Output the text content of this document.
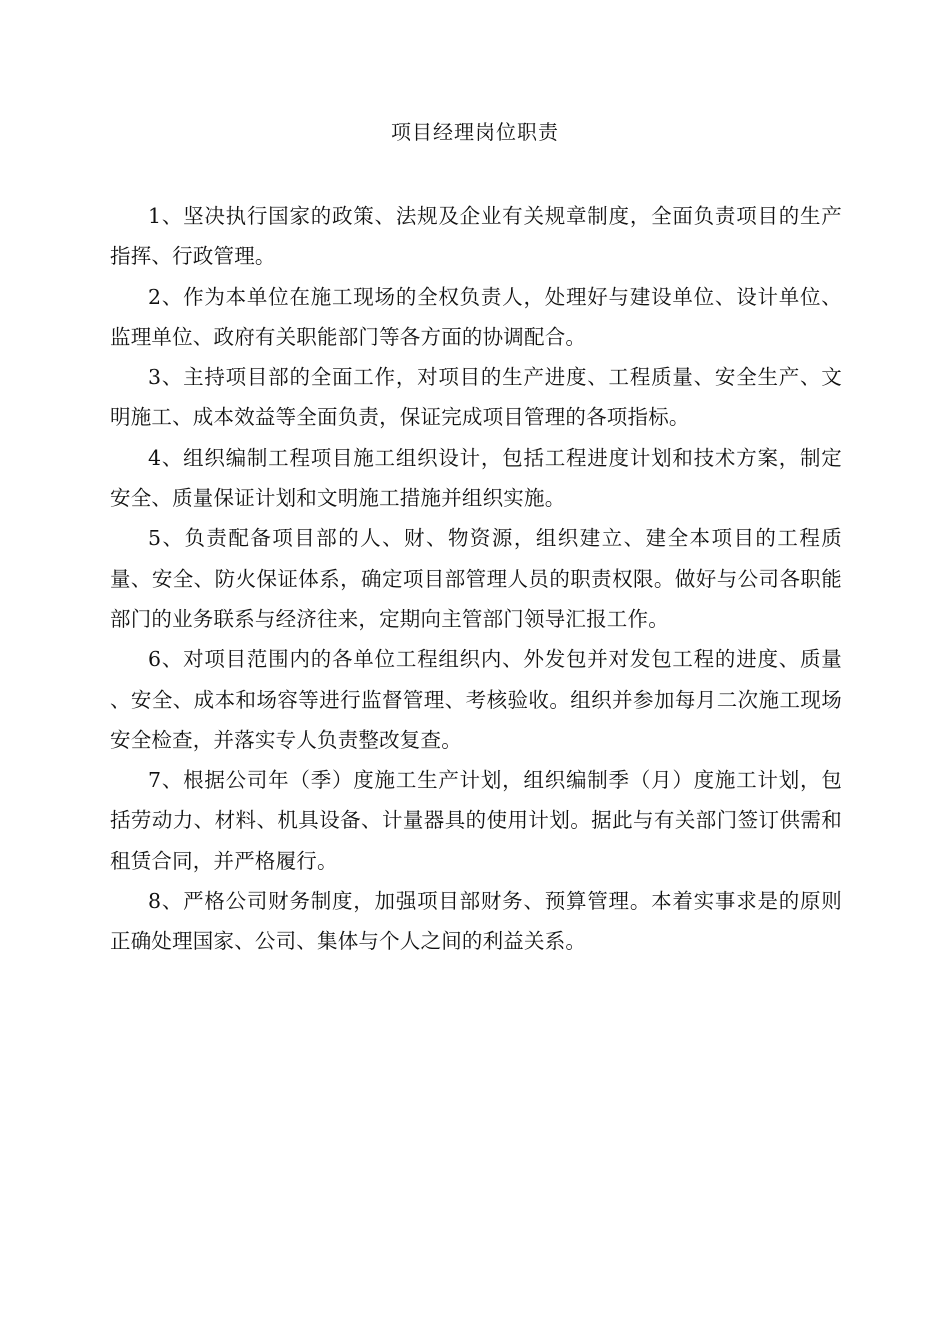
项目经理岗位职责

1、坚决执行国家的政策、法规及企业有关规章制度，全面负责项目的生产指挥、行政管理。

2、作为本单位在施工现场的全权负责人，处理好与建设单位、设计单位、监理单位、政府有关职能部门等各方面的协调配合。

3、主持项目部的全面工作，对项目的生产进度、工程质量、安全生产、文明施工、成本效益等全面负责，保证完成项目管理的各项指标。

4、组织编制工程项目施工组织设计，包括工程进度计划和技术方案，制定安全、质量保证计划和文明施工措施并组织实施。

5、负责配备项目部的人、财、物资源，组织建立、建全本项目的工程质量、安全、防火保证体系，确定项目部管理人员的职责权限。做好与公司各职能部门的业务联系与经济往来，定期向主管部门领导汇报工作。

6、对项目范围内的各单位工程组织内、外发包并对发包工程的进度、质量 、安全、成本和场容等进行监督管理、考核验收。组织并参加每月二次施工现场安全检查，并落实专人负责整改复查。

7、根据公司年（季）度施工生产计划，组织编制季（月）度施工计划，包括劳动力、材料、机具设备、计量器具的使用计划。据此与有关部门签订供需和租赁合同，并严格履行。

8、严格公司财务制度，加强项目部财务、预算管理。本着实事求是的原则正确处理国家、公司、集体与个人之间的利益关系。
